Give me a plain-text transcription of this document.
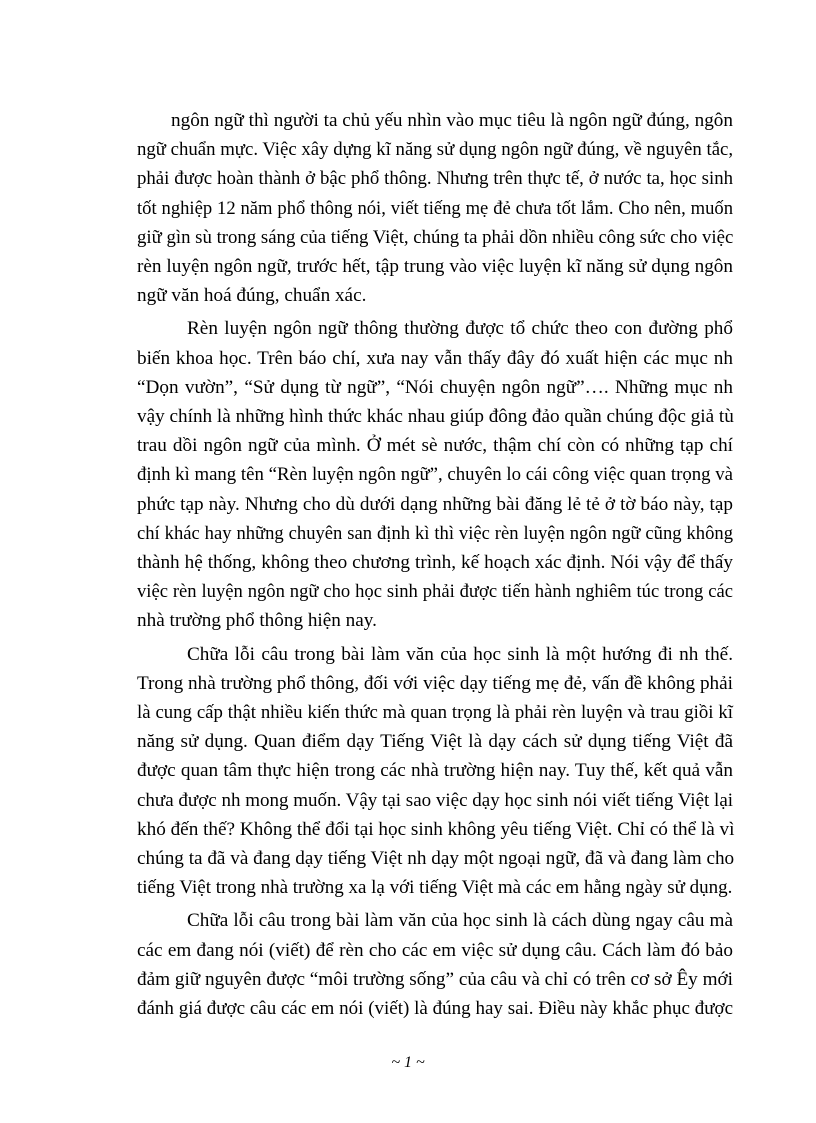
ngôn ngữ thì người ta chủ yếu nhìn vào mục tiêu là ngôn ngữ đúng, ngôn
ngữ chuẩn mực. Việc xây dựng kĩ năng sử dụng ngôn ngữ đúng, về nguyên tắc,
phải được hoàn thành ở bậc phổ thông. Nhưng trên thực tế, ở nước ta, học sinh
tốt nghiệp 12 năm phổ thông nói, viết tiếng mẹ đẻ chưa tốt lắm. Cho nên, muốn
giữ gìn sù trong sáng của tiếng Việt, chúng ta phải dồn nhiều công sức cho việc
rèn luyện ngôn ngữ, trước hết, tập trung vào việc luyện kĩ năng sử dụng ngôn
ngữ văn hoá đúng, chuẩn xác.

Rèn luyện ngôn ngữ thông thường được tổ chức theo con đường phổ
biến khoa học. Trên báo chí, xưa nay vẫn thấy đây đó xuất hiện các mục nh
“Dọn vườn”, “Sử dụng từ ngữ”, “Nói chuyện ngôn ngữ”…. Những mục nh
vậy chính là những hình thức khác nhau giúp đông đảo quần chúng độc giả tù
trau dồi ngôn ngữ của mình. Ở mét sè nước, thậm chí còn có những tạp chí
định kì mang tên “Rèn luyện ngôn ngữ”, chuyên lo cái công việc quan trọng và
phức tạp này. Nhưng cho dù dưới dạng những bài đăng lẻ tẻ ở tờ báo này, tạp
chí khác hay những chuyên san định kì thì việc rèn luyện ngôn ngữ cũng không
thành hệ thống, không theo chương trình, kế hoạch xác định. Nói vậy để thấy
việc rèn luyện ngôn ngữ cho học sinh phải được tiến hành nghiêm túc trong các
nhà trường phổ thông hiện nay.

Chữa lỗi câu trong bài làm văn của học sinh là một hướng đi nh thế.
Trong nhà trường phổ thông, đối với việc dạy tiếng mẹ đẻ, vấn đề không phải
là cung cấp thật nhiều kiến thức mà quan trọng là phải rèn luyện và trau giồi kĩ
năng sử dụng. Quan điểm dạy Tiếng Việt là dạy cách sử dụng tiếng Việt đã
được quan tâm thực hiện trong các nhà trường hiện nay. Tuy thế, kết quả vẫn
chưa được nh mong muốn. Vậy tại sao việc dạy học sinh nói viết tiếng Việt lại
khó đến thế? Không thể đổi tại học sinh không yêu tiếng Việt. Chỉ có thể là vì
chúng ta đã và đang dạy tiếng Việt nh dạy một ngoại ngữ, đã và đang làm cho
tiếng Việt trong nhà trường xa lạ với tiếng Việt mà các em hằng ngày sử dụng.

Chữa lỗi câu trong bài làm văn của học sinh là cách dùng ngay câu mà
các em đang nói (viết) để rèn cho các em việc sử dụng câu. Cách làm đó bảo
đảm giữ nguyên được “môi trường sống” của câu và chỉ có trên cơ sở Êy mới
đánh giá được câu các em nói (viết) là đúng hay sai. Điều này khắc phục được

~ 1 ~
